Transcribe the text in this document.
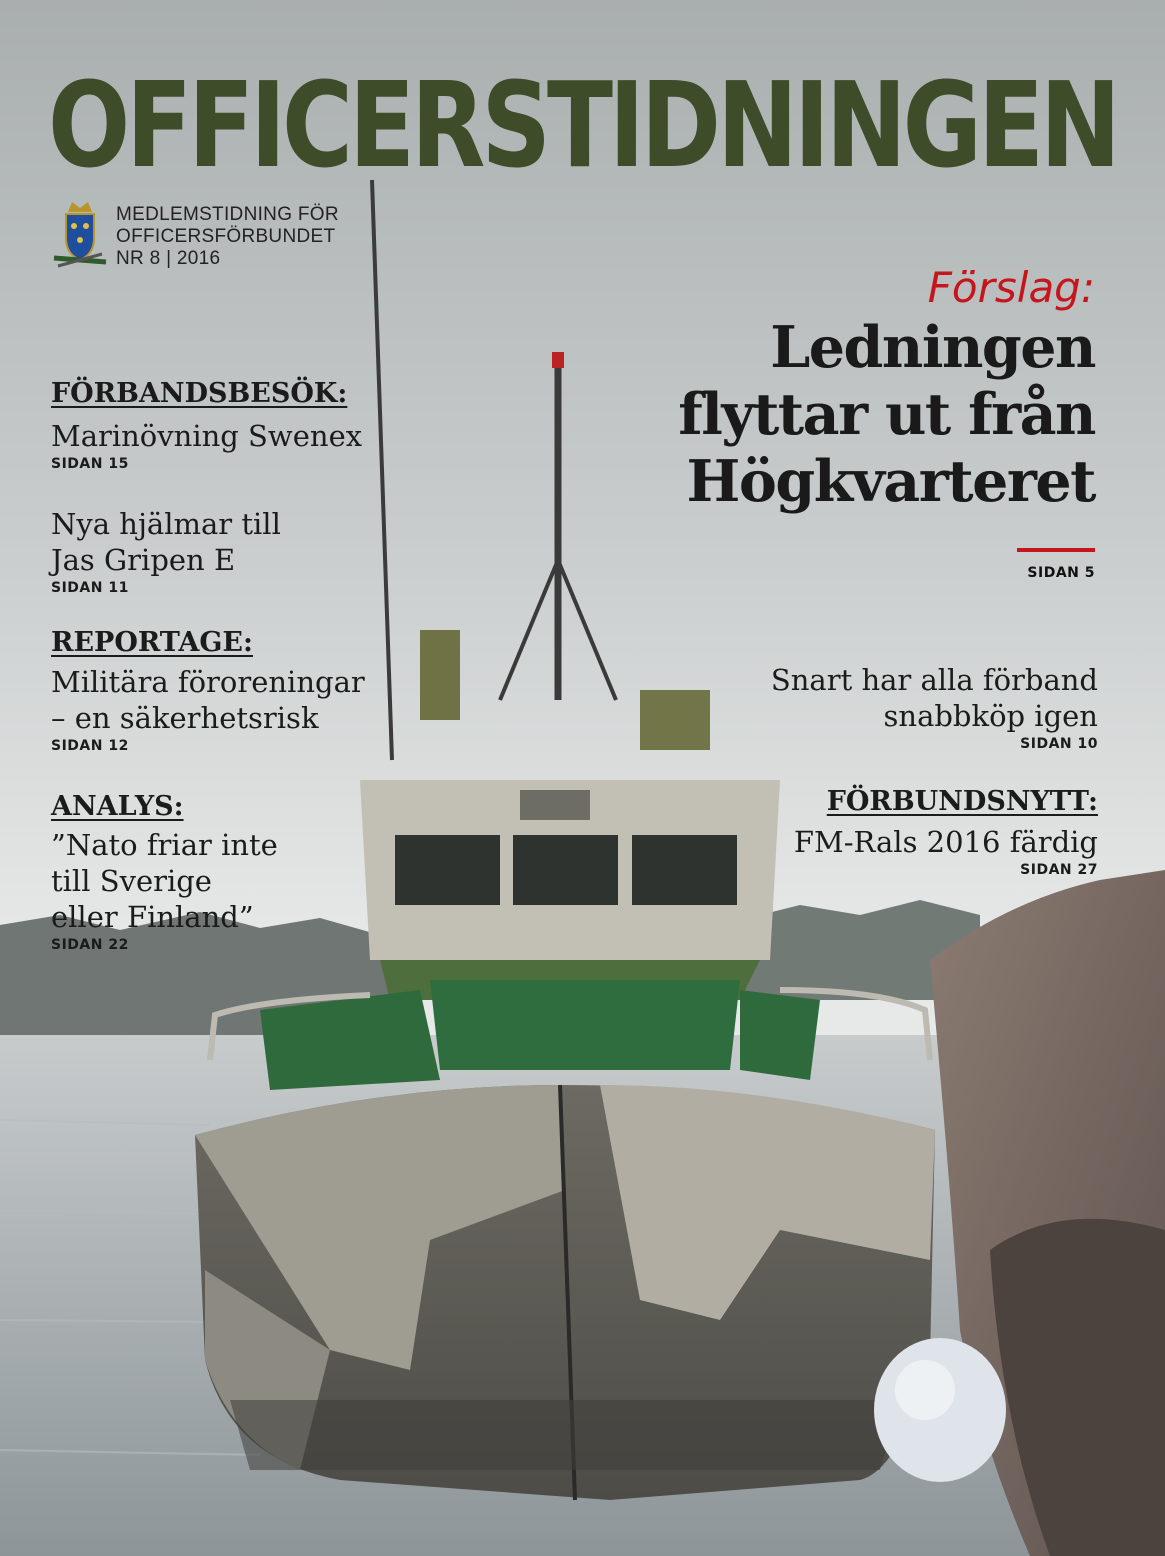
OFFICERSTIDNINGEN
MEDLEMSTIDNING FÖR
OFFICERSFÖRBUNDET
NR 8 | 2016
Förslag:
Ledningen
flyttar ut från
Högkvarteret
SIDAN 5
FÖRBANDSBESÖK:
Marinövning Swenex
SIDAN 15
Nya hjälmar till
Jas Gripen E
SIDAN 11
REPORTAGE:
Militära föroreningar
– en säkerhetsrisk
SIDAN 12
ANALYS:
”Nato friar inte
till Sverige
eller Finland”
SIDAN 22
Snart har alla förband
snabbköp igen
SIDAN 10
FÖRBUNDSNYTT:
FM-Rals 2016 färdig
SIDAN 27
